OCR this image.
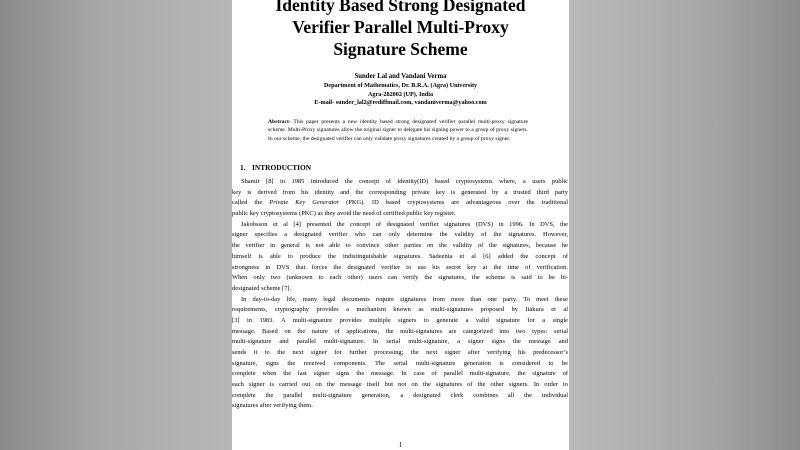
Identity Based Strong Designated
Verifier Parallel Multi-Proxy
Signature Scheme
Sunder Lal and Vandani Verma
Department of Mathematics, Dr. B.R.A. (Agra) University
Agra-282002 (UP), India
E-mail- sunder_lal2@rediffmail.com, vandaniverma@yahoo.com
Abstract- This paper presents a new identity based strong designated verifier parallel multi-proxy signature scheme. Multi-Proxy signatures allow the original signer to delegate his signing power to a group of proxy signers. In our scheme, the designated verifier can only validate proxy signatures created by a group of proxy signer.
1. INTRODUCTION
Shamir [8] in 1985 introduced the concept of identity(ID) based cryptosystems where, a users public
key is derived from his identity and the corresponding private key is generated by a trusted third party
called the Private Key Generator (PKG). ID based cryptosystems are advantageous over the traditional
public key cryptosystems (PKC) as they avoid the need of certified public key register.
Jakobsson et al [4] presented the concept of designated verifier signatures (DVS) in 1996. In DVS, the
signer specifies a designated verifier who can only determine the validity of the signatures. However,
the verifier in general is not able to convince other parties on the validity of the signatures, because he
himself is able to produce the indistinguishable signatures. Sadeenia et al [6] added the concept of
strongness in DVS that forces the designated verifier to use his secret key at the time of verification.
When only two (unknown to each other) users can verify the signatures, the scheme is said to be bi-
designated scheme [7].
In day-to-day life, many legal documents require signatures from more than one party. To meet these
requirements, cryptography provides a mechanism known as multi-signatures proposed by Itakura et al
[3] in 1983. A multi-signature provides multiple signers to generate a valid signature for a single
message. Based on the nature of applications, the multi-signatures are categorized into two types: serial
multi-signature and parallel multi-signature. In serial multi-signature, a signer signs the message and
sends it to the next signer for further processing; the next signer after verifying his predecessor’s
signature, signs the received components. The serial multi-signature generation is considered to be
complete when the last signer signs the message. In case of parallel multi-signature, the signature of
each signer is carried out on the message itself but not on the signatures of the other signers. In order to
complete the parallel multi-signature generation, a designated clerk combines all the individual
signatures after verifying them.
1
